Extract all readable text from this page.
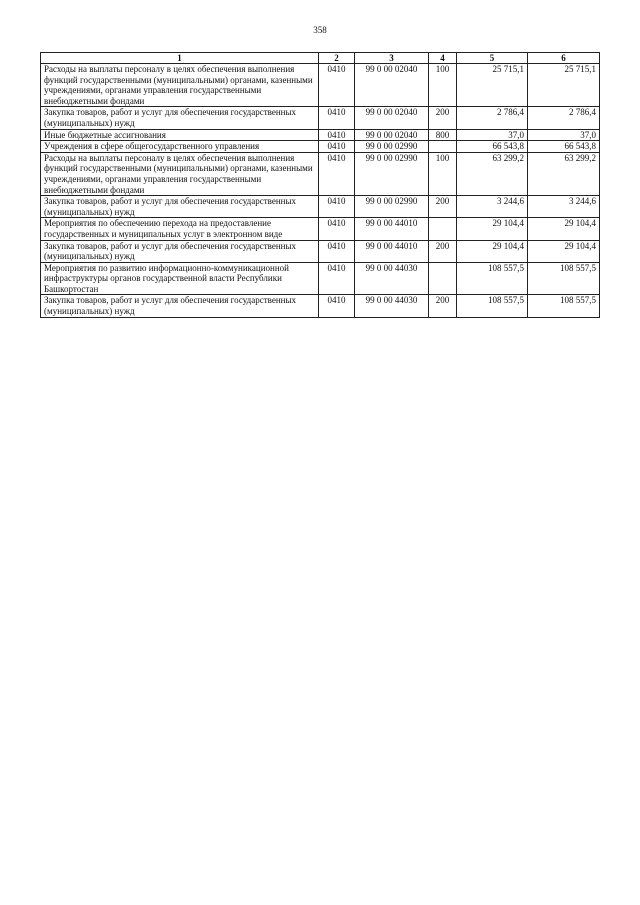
358
1	2	3	4	5	6
Расходы на выплаты персоналу в целях обеспечения выполнения функций государственными (муниципальными) органами, казенными учреждениями, органами управления государственными внебюджетными фондами	0410	99 0 00 02040	100	25 715,1	25 715,1
Закупка товаров, работ и услуг для обеспечения государственных (муниципальных) нужд	0410	99 0 00 02040	200	2 786,4	2 786,4
Иные бюджетные ассигнования	0410	99 0 00 02040	800	37,0	37,0
Учреждения в сфере общегосударственного управления	0410	99 0 00 02990		66 543,8	66 543,8
Расходы на выплаты персоналу в целях обеспечения выполнения функций государственными (муниципальными) органами, казенными учреждениями, органами управления государственными внебюджетными фондами	0410	99 0 00 02990	100	63 299,2	63 299,2
Закупка товаров, работ и услуг для обеспечения государственных (муниципальных) нужд	0410	99 0 00 02990	200	3 244,6	3 244,6
Мероприятия по обеспечению перехода на предоставление государственных и муниципальных услуг в электронном виде	0410	99 0 00 44010		29 104,4	29 104,4
Закупка товаров, работ и услуг для обеспечения государственных (муниципальных) нужд	0410	99 0 00 44010	200	29 104,4	29 104,4
Мероприятия по развитию информационно-коммуникационной инфраструктуры органов государственной власти Республики Башкортостан	0410	99 0 00 44030		108 557,5	108 557,5
Закупка товаров, работ и услуг для обеспечения государственных (муниципальных) нужд	0410	99 0 00 44030	200	108 557,5	108 557,5
